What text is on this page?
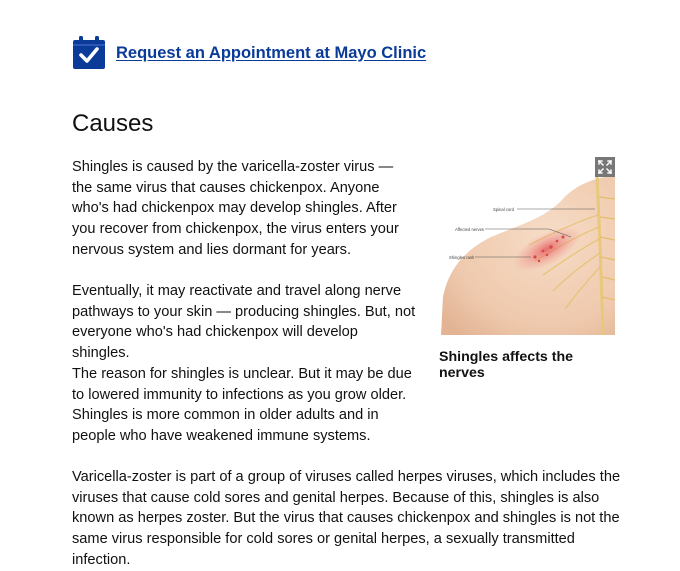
Request an Appointment at Mayo Clinic
Causes

Shingles is caused by the varicella-zoster virus — the same virus that causes chickenpox. Anyone who's had chickenpox may develop shingles. After you recover from chickenpox, the virus enters your nervous system and lies dormant for years.

Eventually, it may reactivate and travel along nerve pathways to your skin — producing shingles. But, not everyone who's had chickenpox will develop shingles.

The reason for shingles is unclear. But it may be due to lowered immunity to infections as you grow older. Shingles is more common in older adults and in people who have weakened immune systems.

Varicella-zoster is part of a group of viruses called herpes viruses, which includes the viruses that cause cold sores and genital herpes. Because of this, shingles is also known as herpes zoster. But the virus that causes chickenpox and shingles is not the same virus responsible for cold sores or genital herpes, a sexually transmitted infection.

Spinal cord
Affected nerves
Shingles rash

Shingles affects the nerves
